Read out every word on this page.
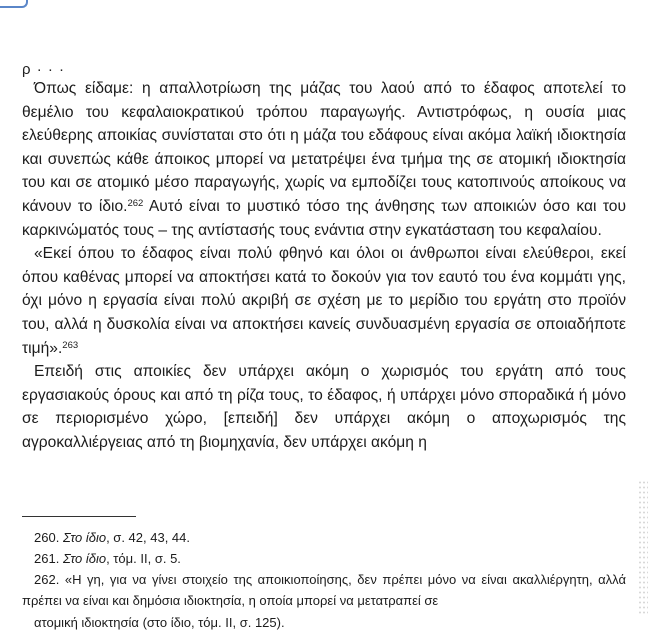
ρ · · ·

Όπως είδαμε: η απαλλοτρίωση της μάζας του λαού από το έδαφος αποτελεί το θεμέλιο του κεφαλαιοκρατικού τρόπου παραγωγής. Αντιστρόφως, η ουσία μιας ελεύθερης αποικίας συνίσταται στο ότι η μάζα του εδάφους είναι ακόμα λαϊκή ιδιοκτησία και συνεπώς κάθε άποικος μπορεί να μετατρέψει ένα τμήμα της σε ατομική ιδιοκτησία του και σε ατομικό μέσο παραγωγής, χωρίς να εμποδίζει τους κατοπινούς αποίκους να κάνουν το ίδιο.$^{262}$ Αυτό είναι το μυστικό τόσο της άνθησης των αποικιών όσο και του καρκινώματός τους – της αντίστασής τους ενάντια στην εγκατάσταση του κεφαλαίου.

«Εκεί όπου το έδαφος είναι πολύ φθηνό και όλοι οι άνθρωποι είναι ελεύθεροι, εκεί όπου καθένας μπορεί να αποκτήσει κατά το δοκούν για τον εαυτό του ένα κομμάτι γης, όχι μόνο η εργασία είναι πολύ ακριβή σε σχέση με το μερίδιο του εργάτη στο προϊόν του, αλλά η δυσκολία είναι να αποκτήσει κανείς συνδυασμένη εργασία σε οποιαδήποτε τιμή».$^{263}$

Επειδή στις αποικίες δεν υπάρχει ακόμη ο χωρισμός του εργάτη από τους εργασιακούς όρους και από τη ρίζα τους, το έδαφος, ή υπάρχει μόνο σποραδικά ή μόνο σε περιορισμένο χώρο, [επειδή] δεν υπάρχει ακόμη ο αποχωρισμός της αγροκαλλιέργειας από τη βιομηχανία, δεν υπάρχει ακόμη η

260. Στο ίδιο, σ. 42, 43, 44.

261. Στο ίδιο, τόμ. ΙΙ, σ. 5.

262. «Η γη, για να γίνει στοιχείο της αποικιοποίησης, δεν πρέπει μόνο να είναι ακαλλιέργητη, αλλά πρέπει να είναι και δημόσια ιδιοκτησία, η οποία μπορεί να μετατραπεί σε

ατομική ιδιοκτησία (στο ίδιο, τόμ. ΙΙ, σ. 125).
